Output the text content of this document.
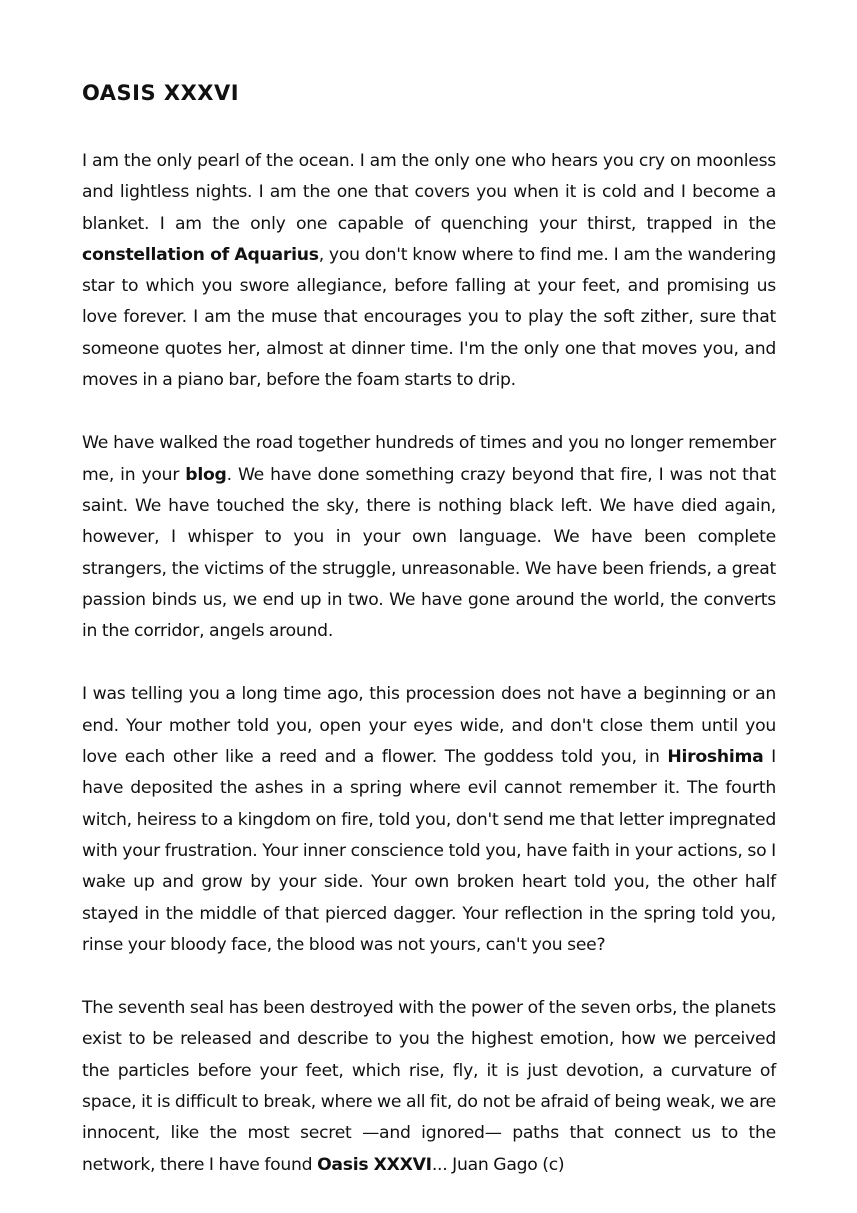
OASIS XXXVI

I am the only pearl of the ocean. I am the only one who hears you cry on moonless and lightless nights. I am the one that covers you when it is cold and I become a blanket. I am the only one capable of quenching your thirst, trapped in the constellation of Aquarius, you don't know where to find me. I am the wandering star to which you swore allegiance, before falling at your feet, and promising us love forever. I am the muse that encourages you to play the soft zither, sure that someone quotes her, almost at dinner time. I'm the only one that moves you, and moves in a piano bar, before the foam starts to drip.

We have walked the road together hundreds of times and you no longer remember me, in your blog. We have done something crazy beyond that fire, I was not that saint. We have touched the sky, there is nothing black left. We have died again, however, I whisper to you in your own language. We have been complete strangers, the victims of the struggle, unreasonable. We have been friends, a great passion binds us, we end up in two. We have gone around the world, the converts in the corridor, angels around.

I was telling you a long time ago, this procession does not have a beginning or an end. Your mother told you, open your eyes wide, and don't close them until you love each other like a reed and a flower. The goddess told you, in Hiroshima I have deposited the ashes in a spring where evil cannot remember it. The fourth witch, heiress to a kingdom on fire, told you, don't send me that letter impregnated with your frustration. Your inner conscience told you, have faith in your actions, so I wake up and grow by your side. Your own broken heart told you, the other half stayed in the middle of that pierced dagger. Your reflection in the spring told you, rinse your bloody face, the blood was not yours, can't you see?

The seventh seal has been destroyed with the power of the seven orbs, the planets exist to be released and describe to you the highest emotion, how we perceived the particles before your feet, which rise, fly, it is just devotion, a curvature of space, it is difficult to break, where we all fit, do not be afraid of being weak, we are innocent, like the most secret —and ignored— paths that connect us to the network, there I have found Oasis XXXVI... Juan Gago (c)
